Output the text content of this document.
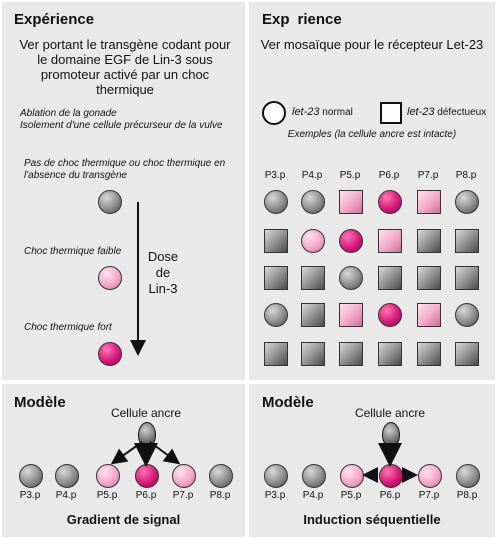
Expérience
Ver portant le transgène codant pour le domaine EGF de Lin-3 sous promoteur activé par un choc thermique
Ablation de la gonade
Isolement d'une cellule précurseur de la vulve
Pas de choc thermique ou choc thermique en l'absence du transgène
Choc thermique faible
Choc thermique fort
Dose
de
Lin-3
Exp rience
Ver mosaïque pour le récepteur Let-23
let-23 normal	let-23 défectueux
Exemples (la cellule ancre est intacte)
P3.p	P4.p	P5.p	P6.p	P7.p	P8.p
Modèle
Cellule ancre
P3.p	P4.p	P5.p	P6.p	P7.p	P8.p
Gradient de signal
Modèle
Cellule ancre
P3.p	P4.p	P5.p	P6.p	P7.p	P8.p
Induction séquentielle
